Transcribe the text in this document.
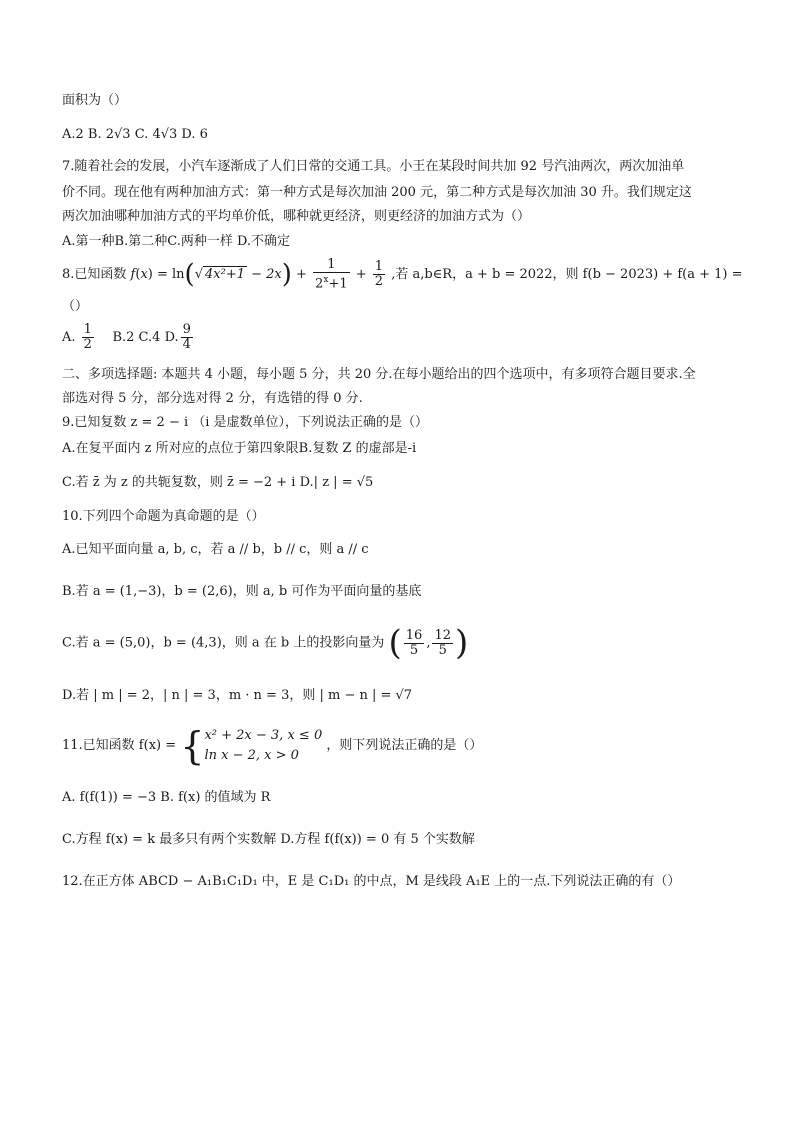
面积为（）
A.2 B. 2√3 C. 4√3 D. 6
7.随着社会的发展，小汽车逐渐成了人们日常的交通工具。小王在某段时间共加 92 号汽油两次，两次加油单
价不同。现在他有两种加油方式：第一种方式是每次加油 200 元，第二种方式是每次加油 30 升。我们规定这
两次加油哪种加油方式的平均单价低，哪种就更经济，则更经济的加油方式为（）
A.第一种B.第二种C.两种一样 D.不确定
8.已知函数 f(x) = ln(√ $4x^2+1 - 2x) + \frac{1}{2^x+1} + \frac{1}{2}$ ,若 a,b∈R，a + b = 2022，则 f(b − 2023) + f(a + 1) =
（）
A. $\frac{1}{2} B.2$ C.4 D. $\frac{9}{4}$
二、多项选择题: 本题共 4 小题，每小题 5 分，共 20 分.在每小题给出的四个选项中，有多项符合题目要求.全
部选对得 5 分，部分选对得 2 分，有选错的得 0 分.
9.已知复数 z = 2 − i （i 是虚数单位），下列说法正确的是（）
A.在复平面内 z 所对应的点位于第四象限B.复数 Z 的虚部是-i
C.若 z̄ 为 z 的共轭复数，则 z̄ = −2 + i D.| z | = √5
10.下列四个命题为真命题的是（）
A.已知平面向量 a, b, c，若 a // b，b // c，则 a // c
B.若 a = (1,−3)，b = (2,6)，则 a, b 可作为平面向量的基底
C.若 a = (5,0)，b = (4,3)，则 a 在 b 上的投影向量为 ( $\frac{16}{5}$ , $\frac{12}{5}$ )
D.若 | m | = 2，| n | = 3，m · n = 3，则 | m − n | = √7
11.已知函数 f(x) = { x² + 2x − 3, x ≤ 0
ln x − 2, x > 0
，则下列说法正确的是（）
A. f(f(1)) = −3 B. f(x) 的值域为 R
C.方程 f(x) = k 最多只有两个实数解 D.方程 f(f(x)) = 0 有 5 个实数解
12.在正方体 ABCD − A₁B₁C₁D₁ 中，E 是 C₁D₁ 的中点，M 是线段 A₁E 上的一点.下列说法正确的有（）
